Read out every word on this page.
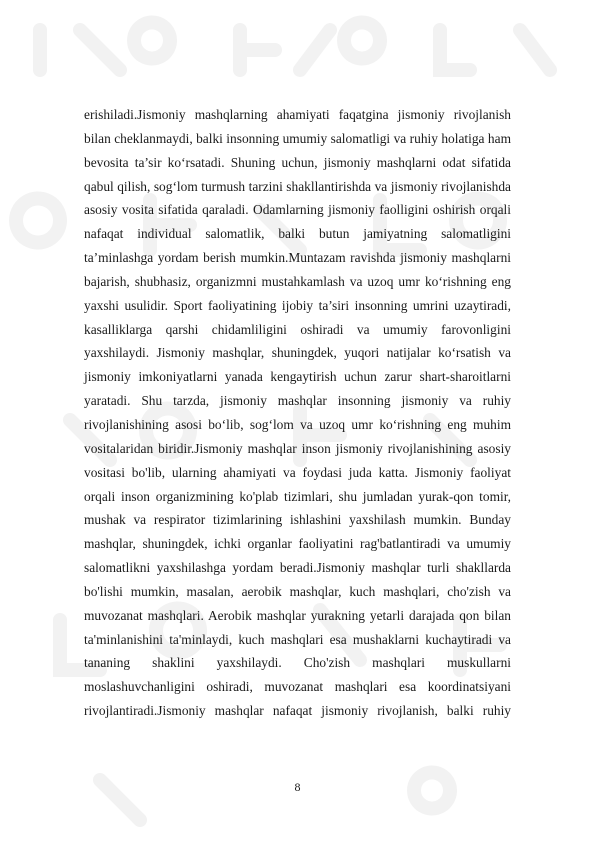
erishiladi.Jismoniy mashqlarning ahamiyati faqatgina jismoniy rivojlanish bilan cheklanmaydi, balki insonning umumiy salomatligi va ruhiy holatiga ham bevosita ta’sir ko‘rsatadi. Shuning uchun, jismoniy mashqlarni odat sifatida qabul qilish, sog‘lom turmush tarzini shakllantirishda va jismoniy rivojlanishda asosiy vosita sifatida qaraladi. Odamlarning jismoniy faolligini oshirish orqali nafaqat individual salomatlik, balki butun jamiyatning salomatligini ta’minlashga yordam berish mumkin.Muntazam ravishda jismoniy mashqlarni bajarish, shubhasiz, organizmni mustahkamlash va uzoq umr ko‘rishning eng yaxshi usulidir. Sport faoliyatining ijobiy ta’siri insonning umrini uzaytiradi, kasalliklarga qarshi chidamliligini oshiradi va umumiy farovonligini yaxshilaydi. Jismoniy mashqlar, shuningdek, yuqori natijalar ko‘rsatish va jismoniy imkoniyatlarni yanada kengaytirish uchun zarur shart-sharoitlarni yaratadi. Shu tarzda, jismoniy mashqlar insonning jismoniy va ruhiy rivojlanishining asosi bo‘lib, sog‘lom va uzoq umr ko‘rishning eng muhim vositalaridan biridir.Jismoniy mashqlar inson jismoniy rivojlanishining asosiy vositasi bo'lib, ularning ahamiyati va foydasi juda katta. Jismoniy faoliyat orqali inson organizmining ko'plab tizimlari, shu jumladan yurak-qon tomir, mushak va respirator tizimlarining ishlashini yaxshilash mumkin. Bunday mashqlar, shuningdek, ichki organlar faoliyatini rag'batlantiradi va umumiy salomatlikni yaxshilashga yordam beradi.Jismoniy mashqlar turli shakllarda bo'lishi mumkin, masalan, aerobik mashqlar, kuch mashqlari, cho'zish va muvozanat mashqlari. Aerobik mashqlar yurakning yetarli darajada qon bilan ta'minlanishini ta'minlaydi, kuch mashqlari esa mushaklarni kuchaytiradi va tananing shaklini yaxshilaydi. Cho'zish mashqlari muskullarni moslashuvchanligini oshiradi, muvozanat mashqlari esa koordinatsiyani rivojlantiradi.Jismoniy mashqlar nafaqat jismoniy rivojlanish, balki ruhiy

8
